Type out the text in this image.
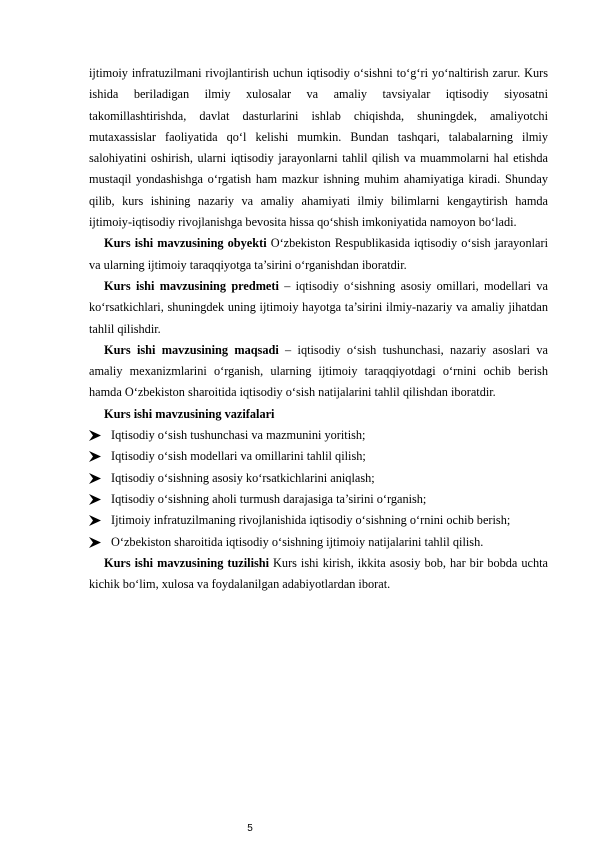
ijtimoiy infratuzilmani rivojlantirish uchun iqtisodiy o‘sishni to‘g‘ri yo‘naltirish zarur. Kurs ishida beriladigan ilmiy xulosalar va amaliy tavsiyalar iqtisodiy siyosatni takomillashtirishda, davlat dasturlarini ishlab chiqishda, shuningdek, amaliyotchi mutaxassislar faoliyatida qo‘l kelishi mumkin. Bundan tashqari, talabalarning ilmiy salohiyatini oshirish, ularni iqtisodiy jarayonlarni tahlil qilish va muammolarni hal etishda mustaqil yondashishga o‘rgatish ham mazkur ishning muhim ahamiyatiga kiradi. Shunday qilib, kurs ishining nazariy va amaliy ahamiyati ilmiy bilimlarni kengaytirish hamda ijtimoiy-iqtisodiy rivojlanishga bevosita hissa qo‘shish imkoniyatida namoyon bo‘ladi.

Kurs ishi mavzusining obyekti O‘zbekiston Respublikasida iqtisodiy o‘sish jarayonlari va ularning ijtimoiy taraqqiyotga ta’sirini o‘rganishdan iboratdir.

Kurs ishi mavzusining predmeti – iqtisodiy o‘sishning asosiy omillari, modellari va ko‘rsatkichlari, shuningdek uning ijtimoiy hayotga ta’sirini ilmiy-nazariy va amaliy jihatdan tahlil qilishdir.

Kurs ishi mavzusining maqsadi – iqtisodiy o‘sish tushunchasi, nazariy asoslari va amaliy mexanizmlarini o‘rganish, ularning ijtimoiy taraqqiyotdagi o‘rnini ochib berish hamda O‘zbekiston sharoitida iqtisodiy o‘sish natijalarini tahlil qilishdan iboratdir.

Kurs ishi mavzusining vazifalari

Iqtisodiy o‘sish tushunchasi va mazmunini yoritish;
Iqtisodiy o‘sish modellari va omillarini tahlil qilish;
Iqtisodiy o‘sishning asosiy ko‘rsatkichlarini aniqlash;
Iqtisodiy o‘sishning aholi turmush darajasiga ta’sirini o‘rganish;
Ijtimoiy infratuzilmaning rivojlanishida iqtisodiy o‘sishning o‘rnini ochib berish;
O‘zbekiston sharoitida iqtisodiy o‘sishning ijtimoiy natijalarini tahlil qilish.

Kurs ishi mavzusining tuzilishi Kurs ishi kirish, ikkita asosiy bob, har bir bobda uchta kichik bo‘lim, xulosa va foydalanilgan adabiyotlardan iborat.

5
